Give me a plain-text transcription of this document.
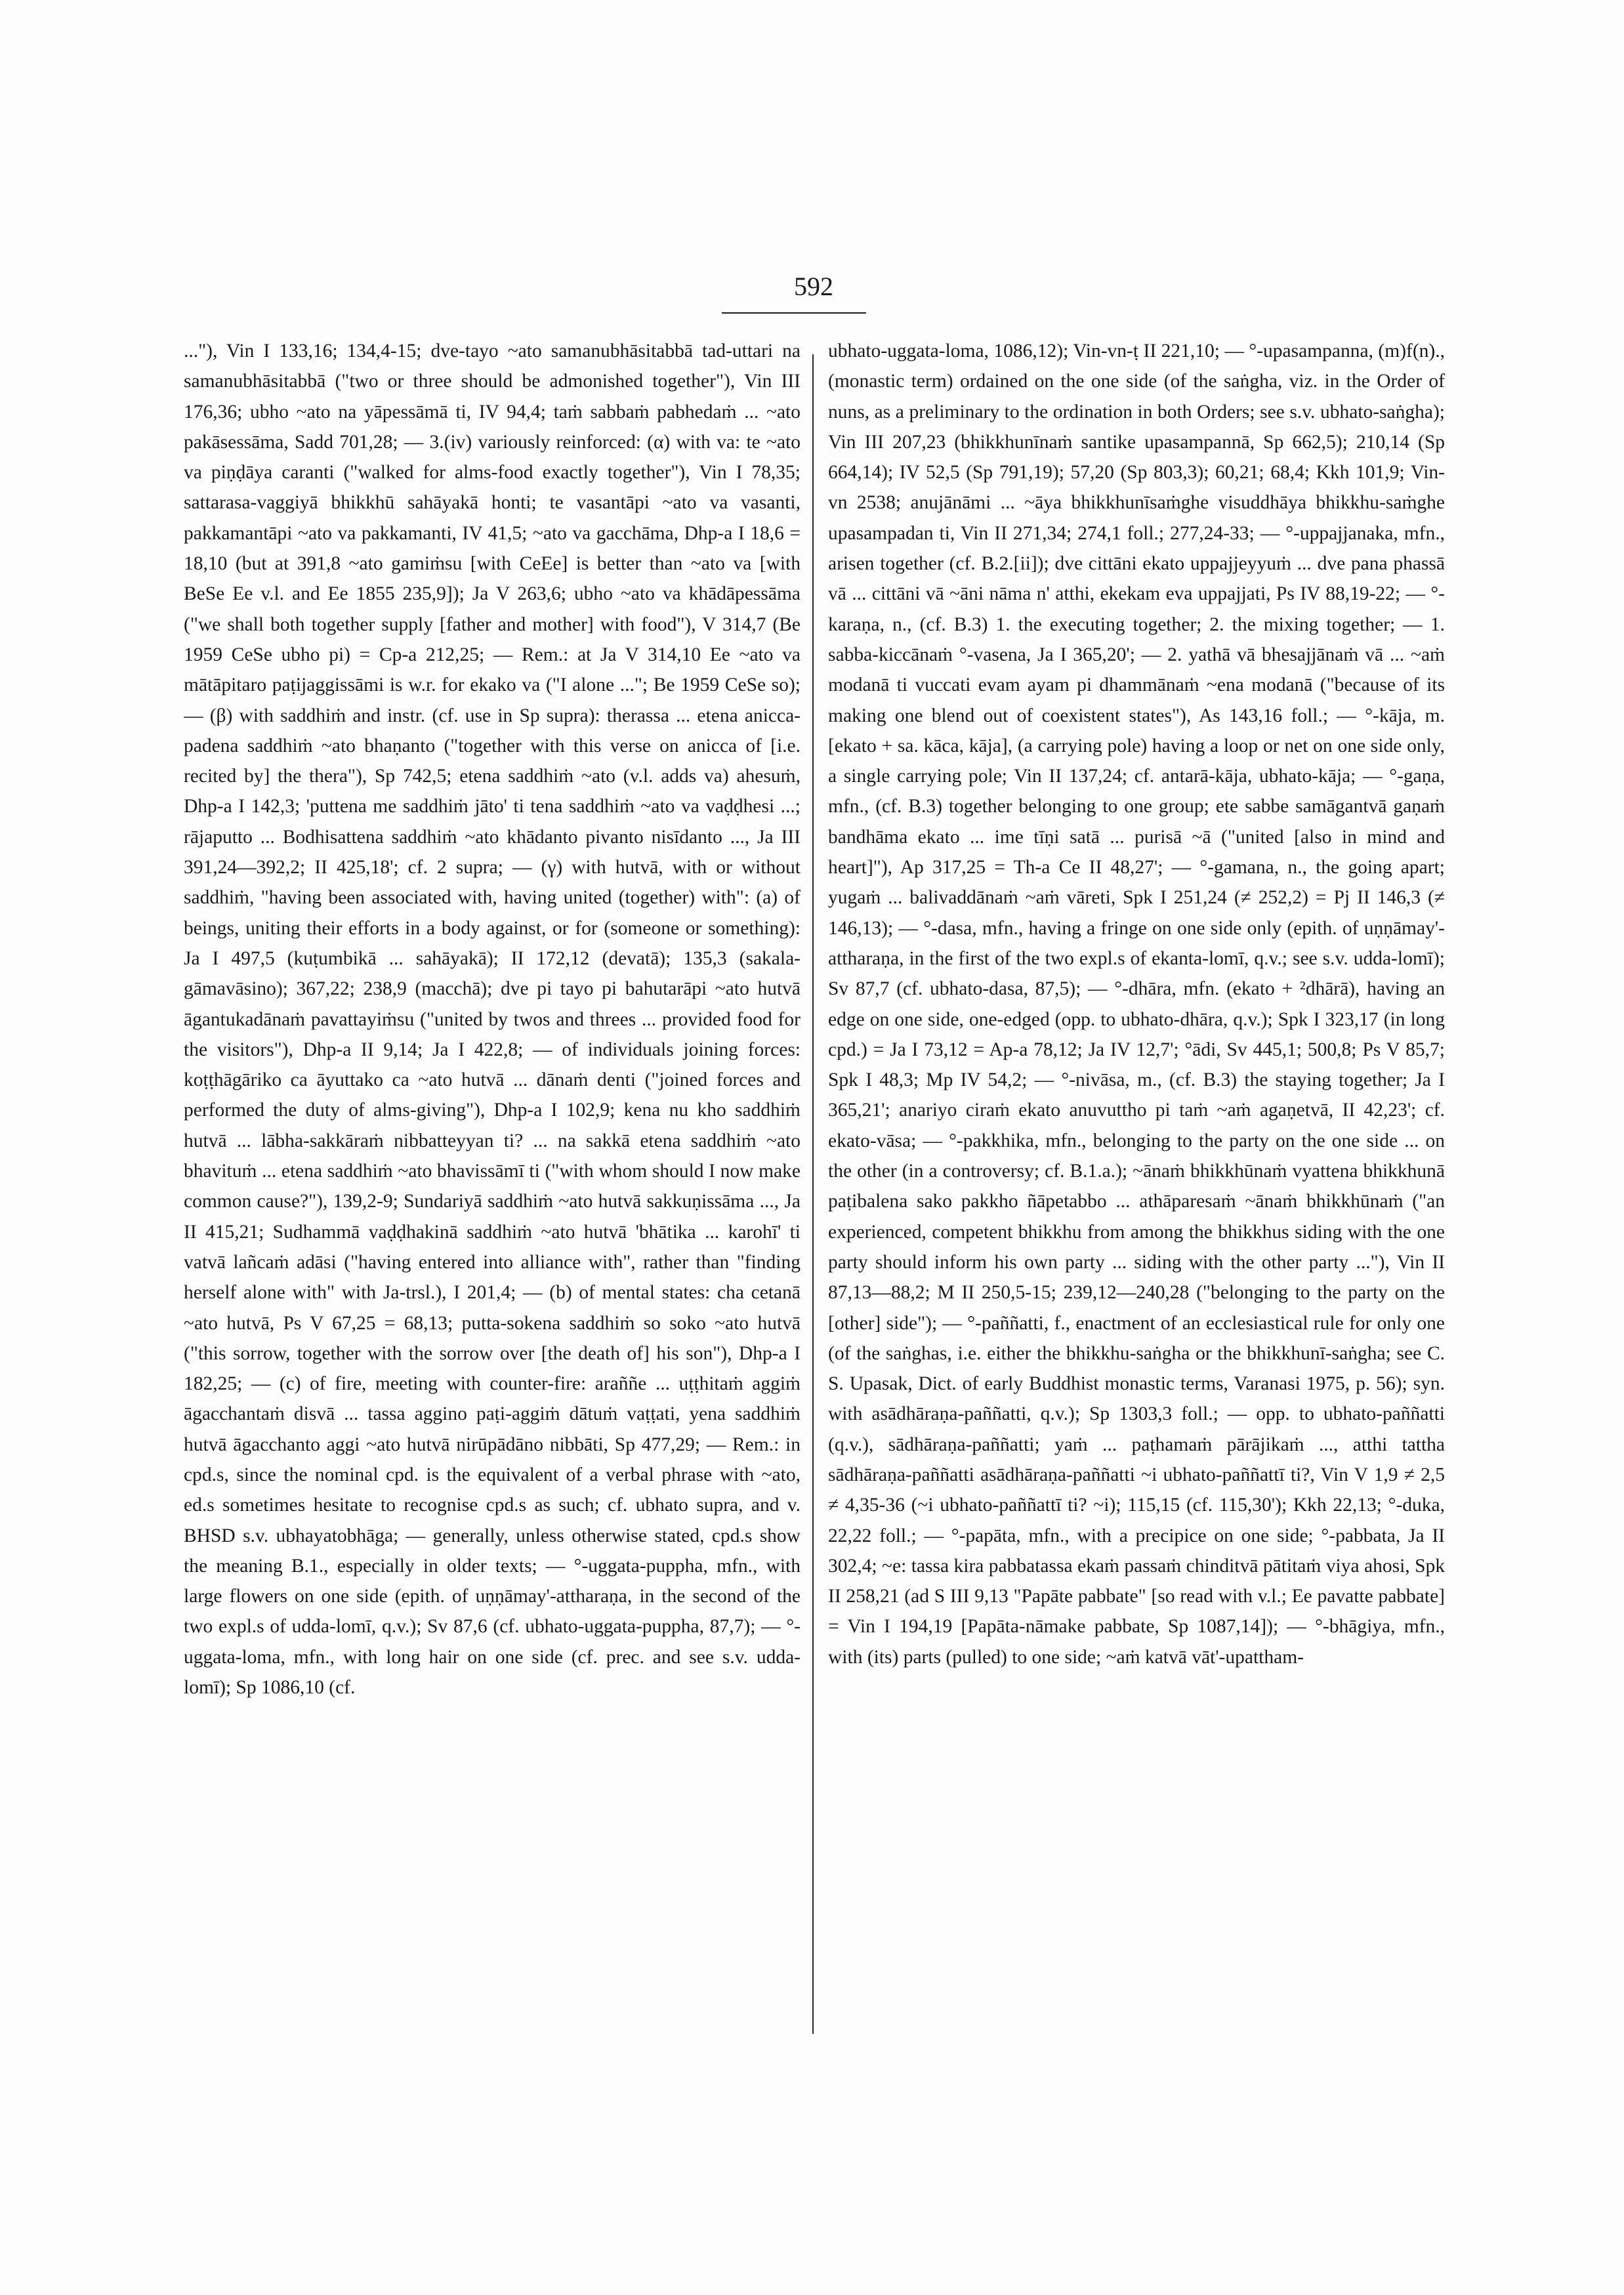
592

..."), Vin I 133,16; 134,4-15; dve-tayo ~ato samanubhāsitabbā tad-uttari na samanubhāsitabbā ("two or three should be admonished together"), Vin III 176,36; ubho ~ato na yāpessāmā ti, IV 94,4; taṁ sabbaṁ pabhedaṁ ... ~ato pakāsessāma, Sadd 701,28; — 3.(iv) variously reinforced: (α) with va: te ~ato va piṇḍāya caranti ("walked for alms-food exactly together"), Vin I 78,35; sattarasa-vaggiyā bhikkhū sahāyakā honti; te vasantāpi ~ato va vasanti, pakkamantāpi ~ato va pakkamanti, IV 41,5; ~ato va gacchāma, Dhp-a I 18,6 = 18,10 (but at 391,8 ~ato gamiṁsu [with CeEe] is better than ~ato va [with BeSe Ee v.l. and Ee 1855 235,9]); Ja V 263,6; ubho ~ato va khādāpessāma ("we shall both together supply [father and mother] with food"), V 314,7 (Be 1959 CeSe ubho pi) = Cp-a 212,25; — Rem.: at Ja V 314,10 Ee ~ato va mātāpitaro paṭijaggissāmi is w.r. for ekako va ("I alone ..."; Be 1959 CeSe so); — (β) with saddhiṁ and instr. (cf. use in Sp supra): therassa ... etena anicca-padena saddhiṁ ~ato bhaṇanto ("together with this verse on anicca of [i.e. recited by] the thera"), Sp 742,5; etena saddhiṁ ~ato (v.l. adds va) ahesuṁ, Dhp-a I 142,3; 'puttena me saddhiṁ jāto' ti tena saddhiṁ ~ato va vaḍḍhesi ...; rājaputto ... Bodhisattena saddhiṁ ~ato khādanto pivanto nisīdanto ..., Ja III 391,24—392,2; II 425,18'; cf. 2 supra; — (γ) with hutvā, with or without saddhiṁ, "having been associated with, having united (together) with": (a) of beings, uniting their efforts in a body against, or for (someone or something): Ja I 497,5 (kuṭumbikā ... sahāyakā); II 172,12 (devatā); 135,3 (sakala-gāmavāsino); 367,22; 238,9 (macchā); dve pi tayo pi bahutarāpi ~ato hutvā āgantukadānaṁ pavattayiṁsu ("united by twos and threes ... provided food for the visitors"), Dhp-a II 9,14; Ja I 422,8; — of individuals joining forces: koṭṭhāgāriko ca āyuttako ca ~ato hutvā ... dānaṁ denti ("joined forces and performed the duty of alms-giving"), Dhp-a I 102,9; kena nu kho saddhiṁ hutvā ... lābha-sakkāraṁ nibbatteyyan ti? ... na sakkā etena saddhiṁ ~ato bhavituṁ ... etena saddhiṁ ~ato bhavissāmī ti ("with whom should I now make common cause?"), 139,2-9; Sundariyā saddhiṁ ~ato hutvā sakkuṇissāma ..., Ja II 415,21; Sudhammā vaḍḍhakinā saddhiṁ ~ato hutvā 'bhātika ... karohī' ti vatvā lañcaṁ adāsi ("having entered into alliance with", rather than "finding herself alone with" with Ja-trsl.), I 201,4; — (b) of mental states: cha cetanā ~ato hutvā, Ps V 67,25 = 68,13; putta-sokena saddhiṁ so soko ~ato hutvā ("this sorrow, together with the sorrow over [the death of] his son"), Dhp-a I 182,25; — (c) of fire, meeting with counter-fire: araññe ... uṭṭhitaṁ aggiṁ āgacchantaṁ disvā ... tassa aggino paṭi-aggiṁ dātuṁ vaṭṭati, yena saddhiṁ hutvā āgacchanto aggi ~ato hutvā nirūpādāno nibbāti, Sp 477,29; — Rem.: in cpd.s, since the nominal cpd. is the equivalent of a verbal phrase with ~ato, ed.s sometimes hesitate to recognise cpd.s as such; cf. ubhato supra, and v. BHSD s.v. ubhayatobhāga; — generally, unless otherwise stated, cpd.s show the meaning B.1., especially in older texts; — °-uggata-puppha, mfn., with large flowers on one side (epith. of uṇṇāmay'-attharaṇa, in the second of the two expl.s of udda-lomī, q.v.); Sv 87,6 (cf. ubhato-uggata-puppha, 87,7); — °-uggata-loma, mfn., with long hair on one side (cf. prec. and see s.v. udda-lomī); Sp 1086,10 (cf.

ubhato-uggata-loma, 1086,12); Vin-vn-ṭ II 221,10; — °-upasampanna, (m)f(n)., (monastic term) ordained on the one side (of the saṅgha, viz. in the Order of nuns, as a preliminary to the ordination in both Orders; see s.v. ubhato-saṅgha); Vin III 207,23 (bhikkhunīnaṁ santike upasampannā, Sp 662,5); 210,14 (Sp 664,14); IV 52,5 (Sp 791,19); 57,20 (Sp 803,3); 60,21; 68,4; Kkh 101,9; Vin-vn 2538; anujānāmi ... ~āya bhikkhunīsaṁghe visuddhāya bhikkhu-saṁghe upasampadan ti, Vin II 271,34; 274,1 foll.; 277,24-33; — °-uppajjanaka, mfn., arisen together (cf. B.2.[ii]); dve cittāni ekato uppajjeyyuṁ ... dve pana phassā vā ... cittāni vā ~āni nāma n' atthi, ekekam eva uppajjati, Ps IV 88,19-22; — °-karaṇa, n., (cf. B.3) 1. the executing together; 2. the mixing together; — 1. sabba-kiccānaṁ °-vasena, Ja I 365,20'; — 2. yathā vā bhesajjānaṁ vā ... ~aṁ modanā ti vuccati evam ayam pi dhammānaṁ ~ena modanā ("because of its making one blend out of coexistent states"), As 143,16 foll.; — °-kāja, m. [ekato + sa. kāca, kāja], (a carrying pole) having a loop or net on one side only, a single carrying pole; Vin II 137,24; cf. antarā-kāja, ubhato-kāja; — °-gaṇa, mfn., (cf. B.3) together belonging to one group; ete sabbe samāgantvā gaṇaṁ bandhāma ekato ... ime tīṇi satā ... purisā ~ā ("united [also in mind and heart]"), Ap 317,25 = Th-a Ce II 48,27'; — °-gamana, n., the going apart; yugaṁ ... balivaddānaṁ ~aṁ vāreti, Spk I 251,24 (≠ 252,2) = Pj II 146,3 (≠ 146,13); — °-dasa, mfn., having a fringe on one side only (epith. of uṇṇāmay'-attharaṇa, in the first of the two expl.s of ekanta-lomī, q.v.; see s.v. udda-lomī); Sv 87,7 (cf. ubhato-dasa, 87,5); — °-dhāra, mfn. (ekato + ²dhārā), having an edge on one side, one-edged (opp. to ubhato-dhāra, q.v.); Spk I 323,17 (in long cpd.) = Ja I 73,12 = Ap-a 78,12; Ja IV 12,7'; °ādi, Sv 445,1; 500,8; Ps V 85,7; Spk I 48,3; Mp IV 54,2; — °-nivāsa, m., (cf. B.3) the staying together; Ja I 365,21'; anariyo ciraṁ ekato anuvuttho pi taṁ ~aṁ agaṇetvā, II 42,23'; cf. ekato-vāsa; — °-pakkhika, mfn., belonging to the party on the one side ... on the other (in a controversy; cf. B.1.a.); ~ānaṁ bhikkhūnaṁ vyattena bhikkhunā paṭibalena sako pakkho ñāpetabbo ... athāparesaṁ ~ānaṁ bhikkhūnaṁ ("an experienced, competent bhikkhu from among the bhikkhus siding with the one party should inform his own party ... siding with the other party ..."), Vin II 87,13—88,2; M II 250,5-15; 239,12—240,28 ("belonging to the party on the [other] side"); — °-paññatti, f., enactment of an ecclesiastical rule for only one (of the saṅghas, i.e. either the bhikkhu-saṅgha or the bhikkhunī-saṅgha; see C. S. Upasak, Dict. of early Buddhist monastic terms, Varanasi 1975, p. 56); syn. with asādhāraṇa-paññatti, q.v.); Sp 1303,3 foll.; — opp. to ubhato-paññatti (q.v.), sādhāraṇa-paññatti; yaṁ ... paṭhamaṁ pārājikaṁ ..., atthi tattha sādhāraṇa-paññatti asādhāraṇa-paññatti ~i ubhato-paññattī ti?, Vin V 1,9 ≠ 2,5 ≠ 4,35-36 (~i ubhato-paññattī ti? ~i); 115,15 (cf. 115,30'); Kkh 22,13; °-duka, 22,22 foll.; — °-papāta, mfn., with a precipice on one side; °-pabbata, Ja II 302,4; ~e: tassa kira pabbatassa ekaṁ passaṁ chinditvā pātitaṁ viya ahosi, Spk II 258,21 (ad S III 9,13 "Papāte pabbate" [so read with v.l.; Ee pavatte pabbate] = Vin I 194,19 [Papāta-nāmake pabbate, Sp 1087,14]); — °-bhāgiya, mfn., with (its) parts (pulled) to one side; ~aṁ katvā vāt'-upattham-
